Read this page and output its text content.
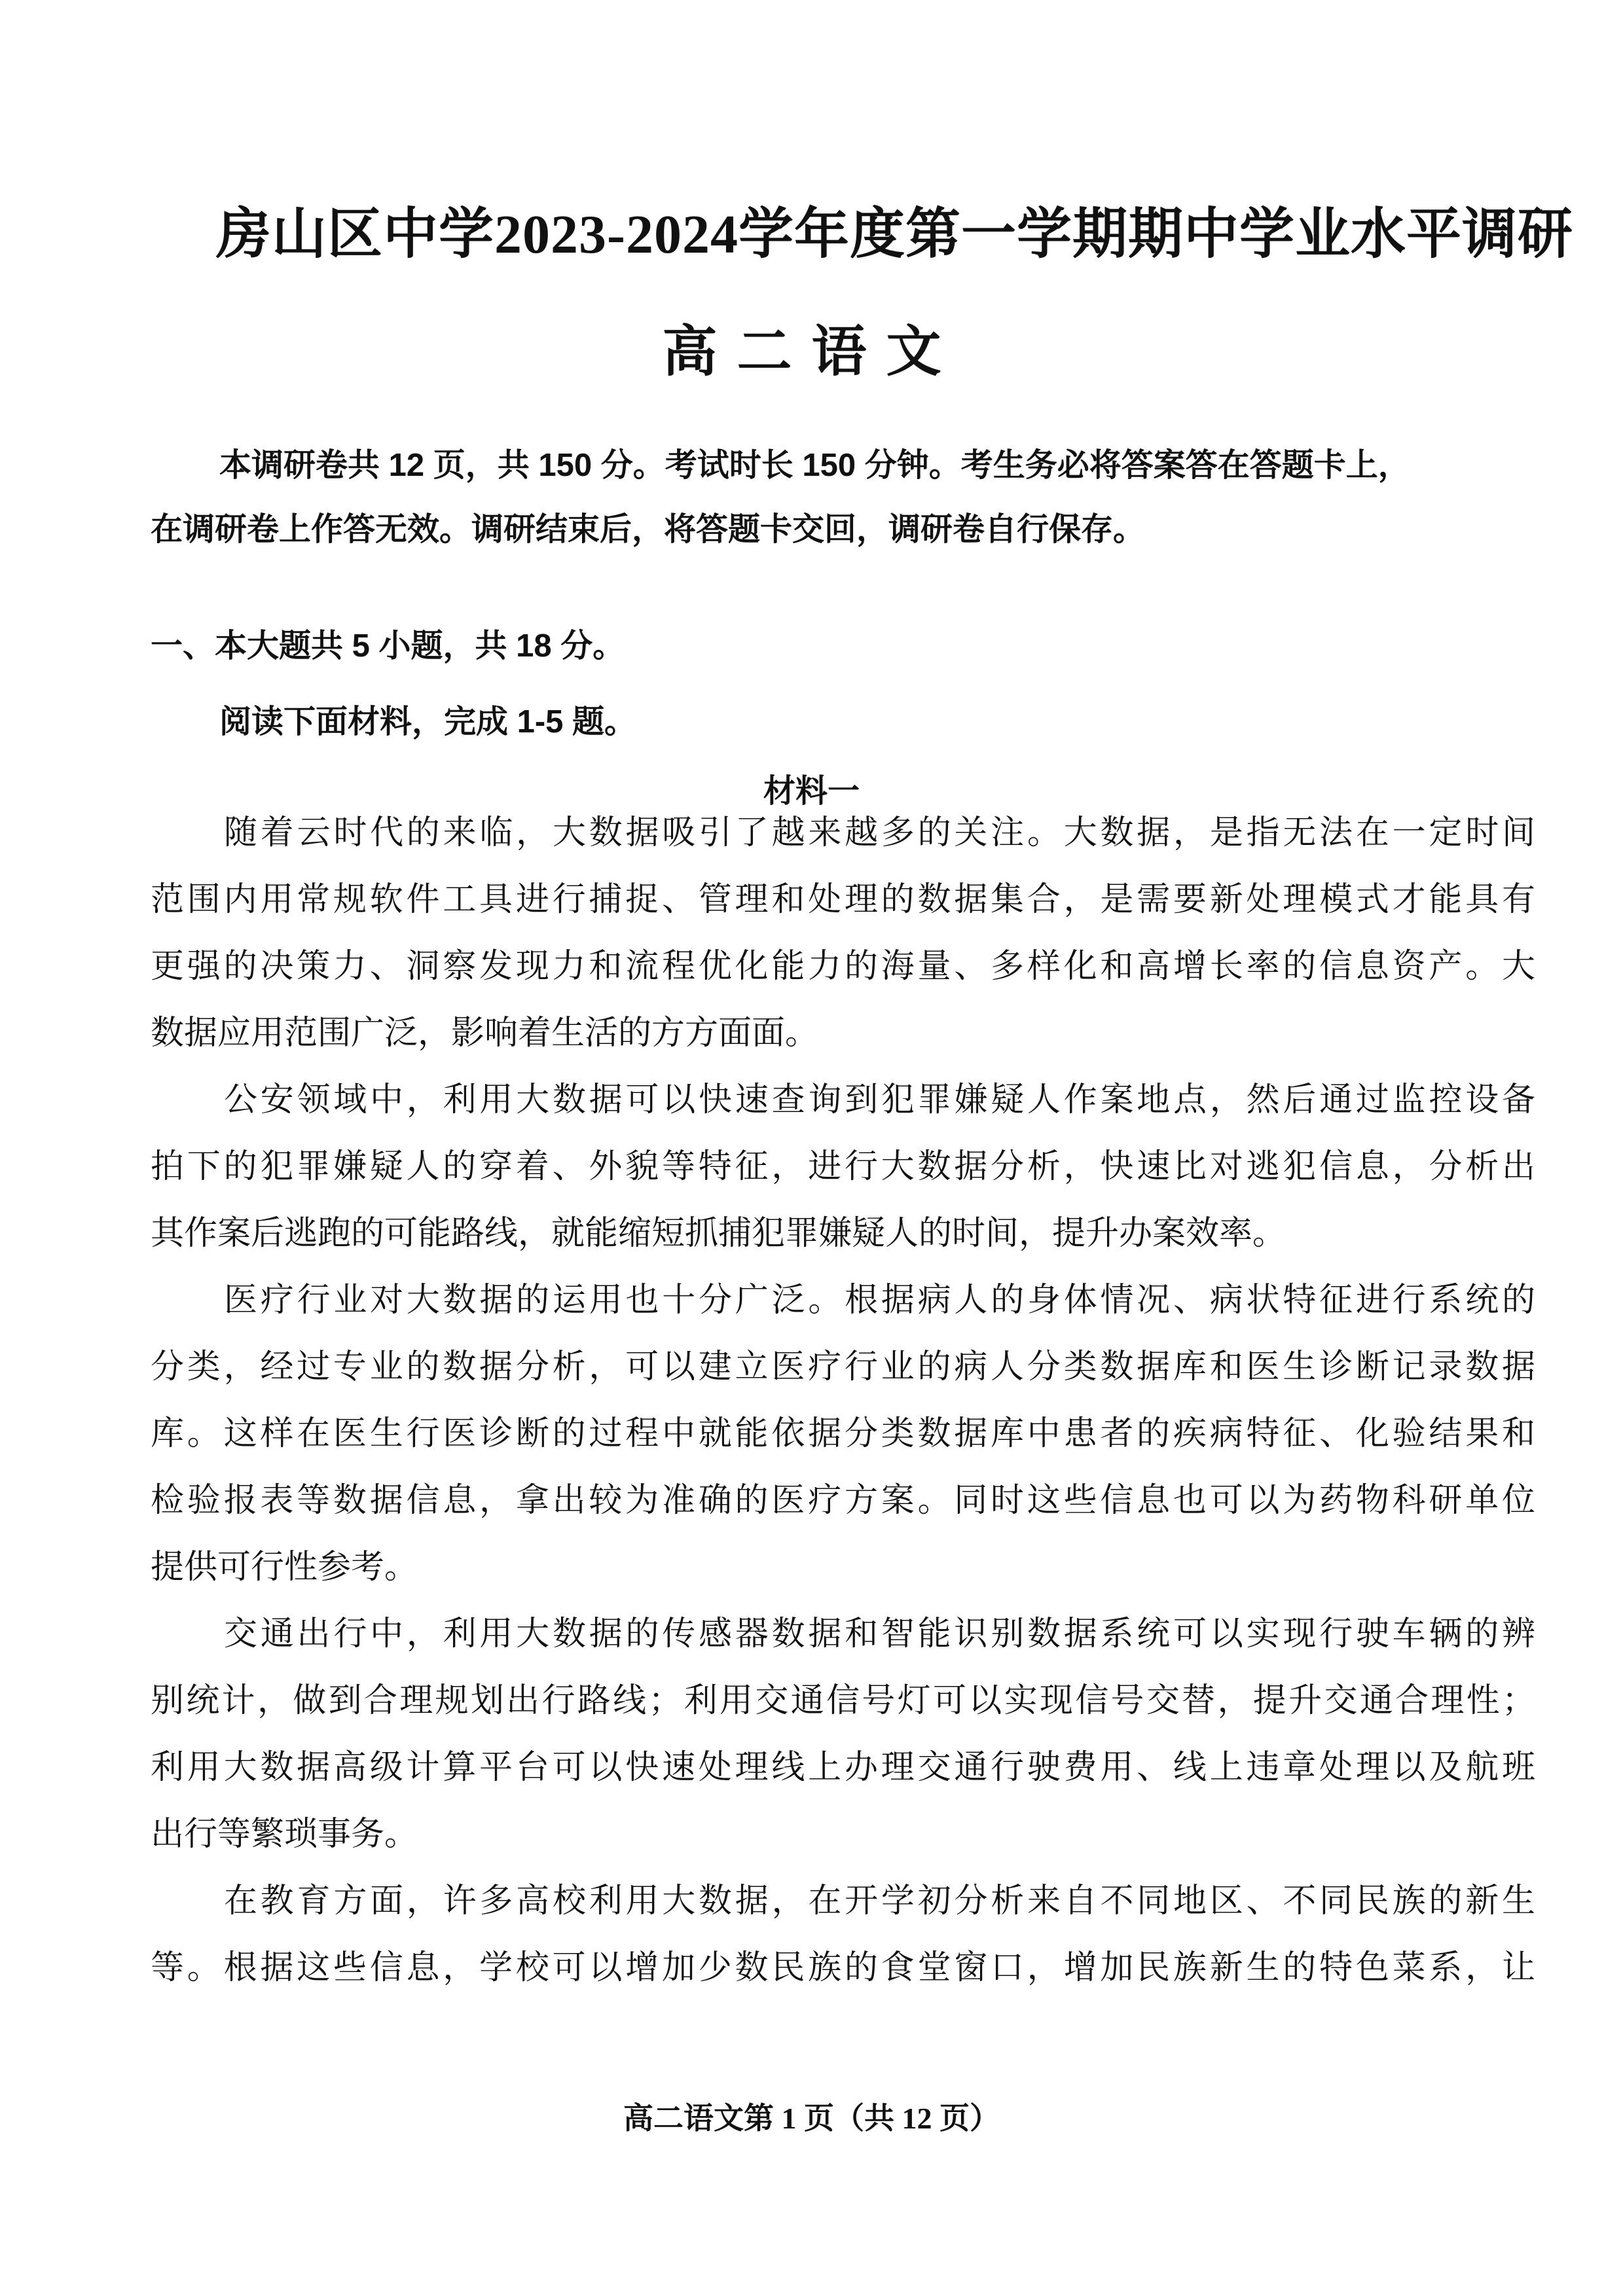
房山区中学2023-2024学年度第一学期期中学业水平调研
高二语文
本调研卷共 12 页，共 150 分。考试时长 150 分钟。考生务必将答案答在答题卡上，
在调研卷上作答无效。调研结束后，将答题卡交回，调研卷自行保存。
一、本大题共 5 小题，共 18 分。
阅读下面材料，完成 1-5 题。
材料一
随着云时代的来临，大数据吸引了越来越多的关注。大数据，是指无法在一定时间
范围内用常规软件工具进行捕捉、管理和处理的数据集合，是需要新处理模式才能具有
更强的决策力、洞察发现力和流程优化能力的海量、多样化和高增长率的信息资产。大
数据应用范围广泛，影响着生活的方方面面。
公安领域中，利用大数据可以快速查询到犯罪嫌疑人作案地点，然后通过监控设备
拍下的犯罪嫌疑人的穿着、外貌等特征，进行大数据分析，快速比对逃犯信息，分析出
其作案后逃跑的可能路线，就能缩短抓捕犯罪嫌疑人的时间，提升办案效率。
医疗行业对大数据的运用也十分广泛。根据病人的身体情况、病状特征进行系统的
分类，经过专业的数据分析，可以建立医疗行业的病人分类数据库和医生诊断记录数据
库。这样在医生行医诊断的过程中就能依据分类数据库中患者的疾病特征、化验结果和
检验报表等数据信息，拿出较为准确的医疗方案。同时这些信息也可以为药物科研单位
提供可行性参考。
交通出行中，利用大数据的传感器数据和智能识别数据系统可以实现行驶车辆的辨
别统计，做到合理规划出行路线；利用交通信号灯可以实现信号交替，提升交通合理性；
利用大数据高级计算平台可以快速处理线上办理交通行驶费用、线上违章处理以及航班
出行等繁琐事务。
在教育方面，许多高校利用大数据，在开学初分析来自不同地区、不同民族的新生
等。根据这些信息，学校可以增加少数民族的食堂窗口，增加民族新生的特色菜系，让
高二语文第 1 页（共 12 页）
